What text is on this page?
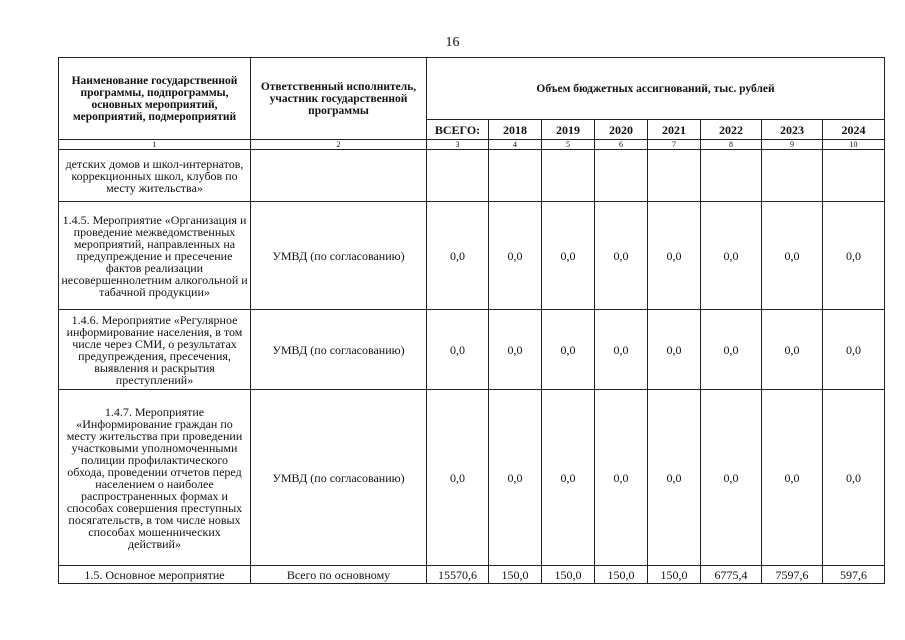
16
Наименование государственной программы, подпрограммы, основных мероприятий, мероприятий, подмероприятий	Ответственный исполнитель, участник государственной программы	Объем бюджетных ассигнований, тыс. рублей							
		ВСЕГО:	2018	2019	2020	2021	2022	2023	2024
1	2	3	4	5	6	7	8	9	10
детских домов и школ-интернатов, коррекционных школ, клубов по месту жительства»									
1.4.5. Мероприятие «Организация и проведение межведомственных мероприятий, направленных на предупреждение и пресечение фактов реализации несовершеннолетним алкогольной и табачной продукции»	УМВД (по согласованию)	0,0	0,0	0,0	0,0	0,0	0,0	0,0	0,0
1.4.6. Мероприятие «Регулярное информирование населения, в том числе через СМИ, о результатах предупреждения, пресечения, выявления и раскрытия преступлений»	УМВД (по согласованию)	0,0	0,0	0,0	0,0	0,0	0,0	0,0	0,0
1.4.7. Мероприятие «Информирование граждан по месту жительства при проведении участковыми уполномоченными полиции профилактического обхода, проведении отчетов перед населением о наиболее распространенных формах и способах совершения преступных посягательств, в том числе новых способах мошеннических действий»	УМВД (по согласованию)	0,0	0,0	0,0	0,0	0,0	0,0	0,0	0,0
1.5. Основное мероприятие	Всего по основному	15570,6	150,0	150,0	150,0	150,0	6775,4	7597,6	597,6
